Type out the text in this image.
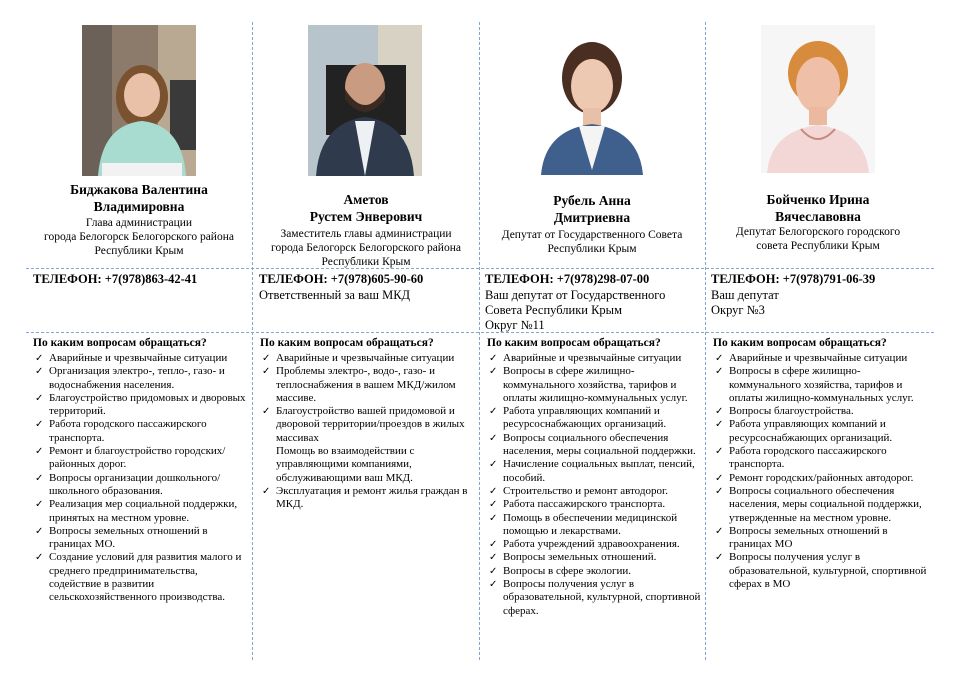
Биджакова Валентина
Владимировна
Глава администрации
города Белогорск Белогорского района
Республики Крым
ТЕЛЕФОН: +7(978)863-42-41
По каким вопросам обращаться?
✓ Аварийные и чрезвычайные ситуации
✓ Организация электро-, тепло-, газо- и водоснабжения населения.
✓ Благоустройство придомовых и дворовых территорий.
✓ Работа городского пассажирского транспорта.
✓ Ремонт и благоустройство городских/районных дорог.
✓ Вопросы организации дошкольного/школьного образования.
✓ Реализация мер социальной поддержки, принятых на местном уровне.
✓ Вопросы земельных отношений в границах МО.
✓ Создание условий для развития малого и среднего предпринимательства, содействие в развитии сельскохозяйственного производства.
Аметов
Рустем Энверович
Заместитель главы администрации
города Белогорск Белогорского района
Республики Крым
ТЕЛЕФОН: +7(978)605-90-60
Ответственный за ваш МКД
По каким вопросам обращаться?
✓ Аварийные и чрезвычайные ситуации
✓ Проблемы электро-, водо-, газо- и теплоснабжения в вашем МКД/жилом массиве.
✓ Благоустройство вашей придомовой и дворовой территории/проездов в жилых массивах
Помощь во взаимодействии с управляющими компаниями, обслуживающими ваш МКД.
✓ Эксплуатация и ремонт жилья граждан в МКД.
Рубель Анна
Дмитриевна
Депутат от Государственного Совета
Республики Крым
ТЕЛЕФОН: +7(978)298-07-00
Ваш депутат от Государственного
Совета Республики Крым
Округ №11
По каким вопросам обращаться?
✓ Аварийные и чрезвычайные ситуации
✓ Вопросы в сфере жилищно-коммунального хозяйства, тарифов и оплаты жилищно-коммунальных услуг.
✓ Работа управляющих компаний и ресурсоснабжающих организаций.
✓ Вопросы социального обеспечения населения, меры социальной поддержки.
✓ Начисление социальных выплат, пенсий, пособий.
✓ Строительство и ремонт автодорог.
✓ Работа пассажирского транспорта.
✓ Помощь в обеспечении медицинской помощью и лекарствами.
✓ Работа учреждений здравоохранения.
✓ Вопросы земельных отношений.
✓ Вопросы в сфере экологии.
✓ Вопросы получения услуг в образовательной, культурной, спортивной сферах.
Бойченко Ирина
Вячеславовна
Депутат Белогорского городского
совета Республики Крым
ТЕЛЕФОН: +7(978)791-06-39
Ваш депутат
Округ №3
По каким вопросам обращаться?
✓ Аварийные и чрезвычайные ситуации
✓ Вопросы в сфере жилищно-коммунального хозяйства, тарифов и оплаты жилищно-коммунальных услуг.
✓ Вопросы благоустройства.
✓ Работа управляющих компаний и ресурсоснабжающих организаций.
✓ Работа городского пассажирского транспорта.
✓ Ремонт городских/районных автодорог.
✓ Вопросы социального обеспечения населения, меры социальной поддержки, утвержденные на местном уровне.
✓ Вопросы земельных отношений в границах МО
✓ Вопросы получения услуг в образовательной, культурной, спортивной сферах в МО
